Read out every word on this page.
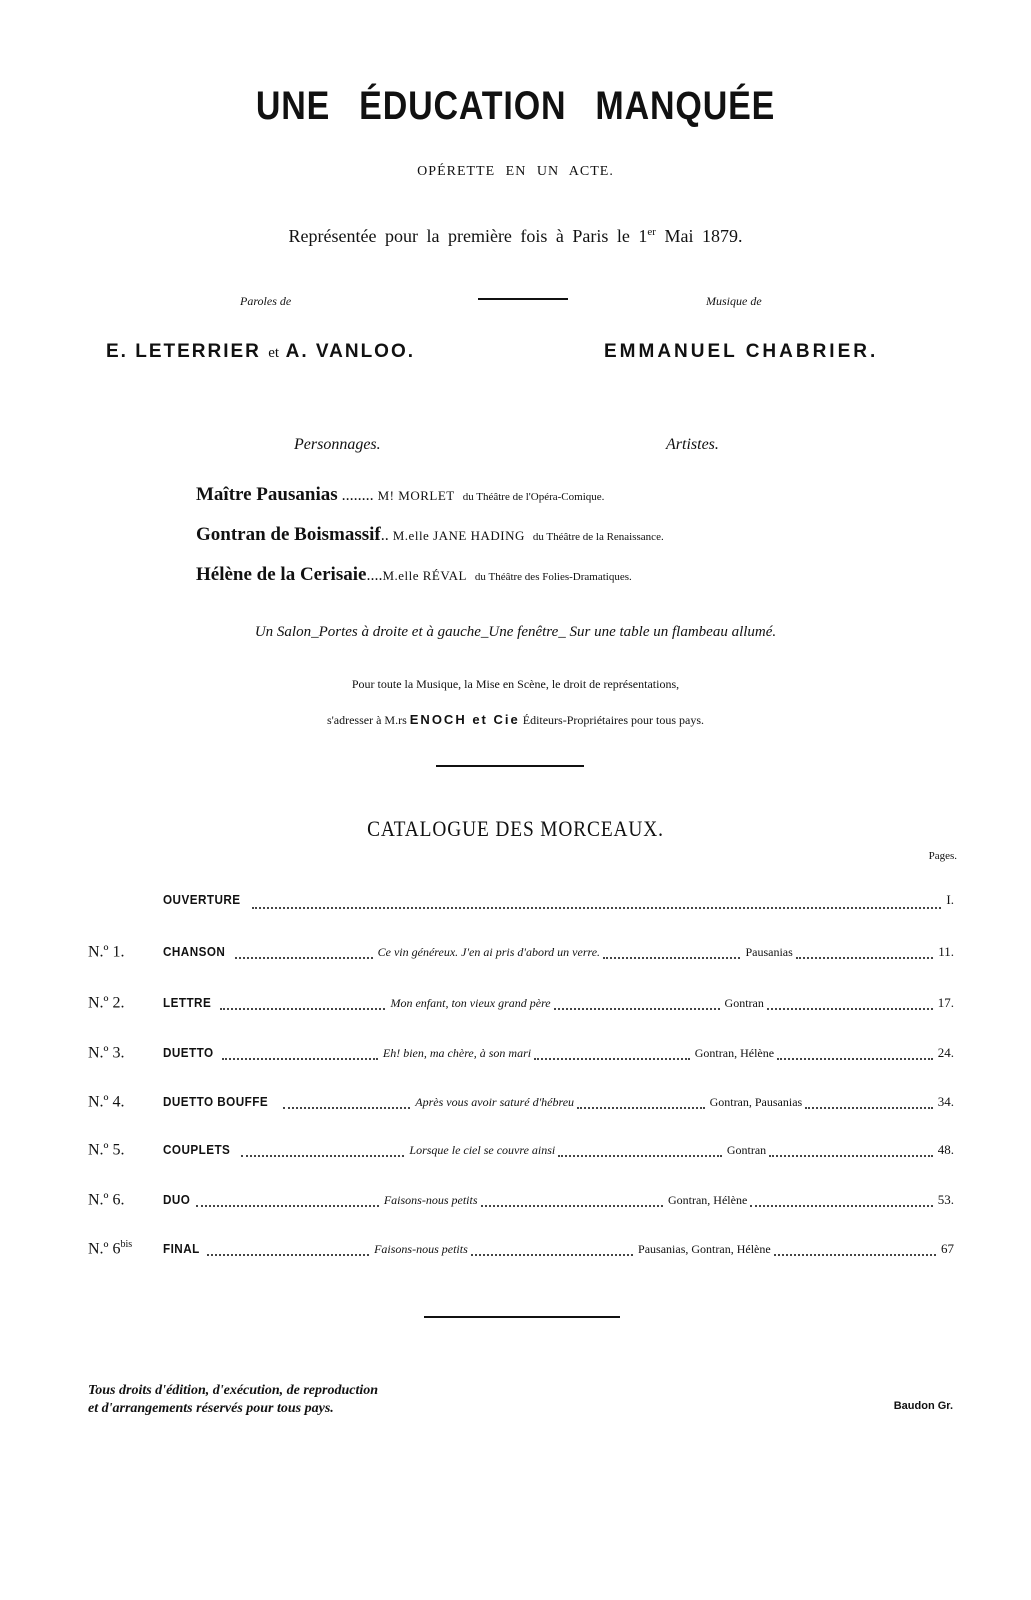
UNE ÉDUCATION MANQUÉE
OPÉRETTE EN UN ACTE.
Représentée pour la première fois à Paris le 1er Mai 1879.
Paroles de	Musique de
E. LETERRIER et A. VANLOO.	EMMANUEL CHABRIER.
Personnages.	Artistes.
Maître Pausanias ........ M! MORLET du Théâtre de l'Opéra-Comique.
Gontran de Boismassif.. M.elle JANE HADING du Théâtre de la Renaissance.
Hélène de la Cerisaie....M.elle RÉVAL du Théâtre des Folies-Dramatiques.
Un Salon_Portes à droite et à gauche_Une fenêtre_ Sur une table un flambeau allumé.
Pour toute la Musique, la Mise en Scène, le droit de représentations,
s'adresser à M.rs ENOCH et Cie Éditeurs-Propriétaires pour tous pays.
CATALOGUE DES MORCEAUX.
Pages.
OUVERTURE	I.
N.º 1.	CHANSON	Ce vin généreux. J'en ai pris d'abord un verre.	Pausanias	11.
N.º 2.	LETTRE	Mon enfant, ton vieux grand père	Gontran	17.
N.º 3.	DUETTO	Eh! bien, ma chère, à son mari	Gontran, Hélène	24.
N.º 4.	DUETTO BOUFFE	Après vous avoir saturé d'hébreu	Gontran, Pausanias	34.
N.º 5.	COUPLETS	Lorsque le ciel se couvre ainsi	Gontran	48.
N.º 6.	DUO	Faisons-nous petits	Gontran, Hélène	53.
N.º $6^{bis}$	FINAL	Faisons-nous petits	Pausanias, Gontran, Hélène	67
Tous droits d'édition, d'exécution, de reproduction
et d'arrangements réservés pour tous pays.	Baudon Gr.
